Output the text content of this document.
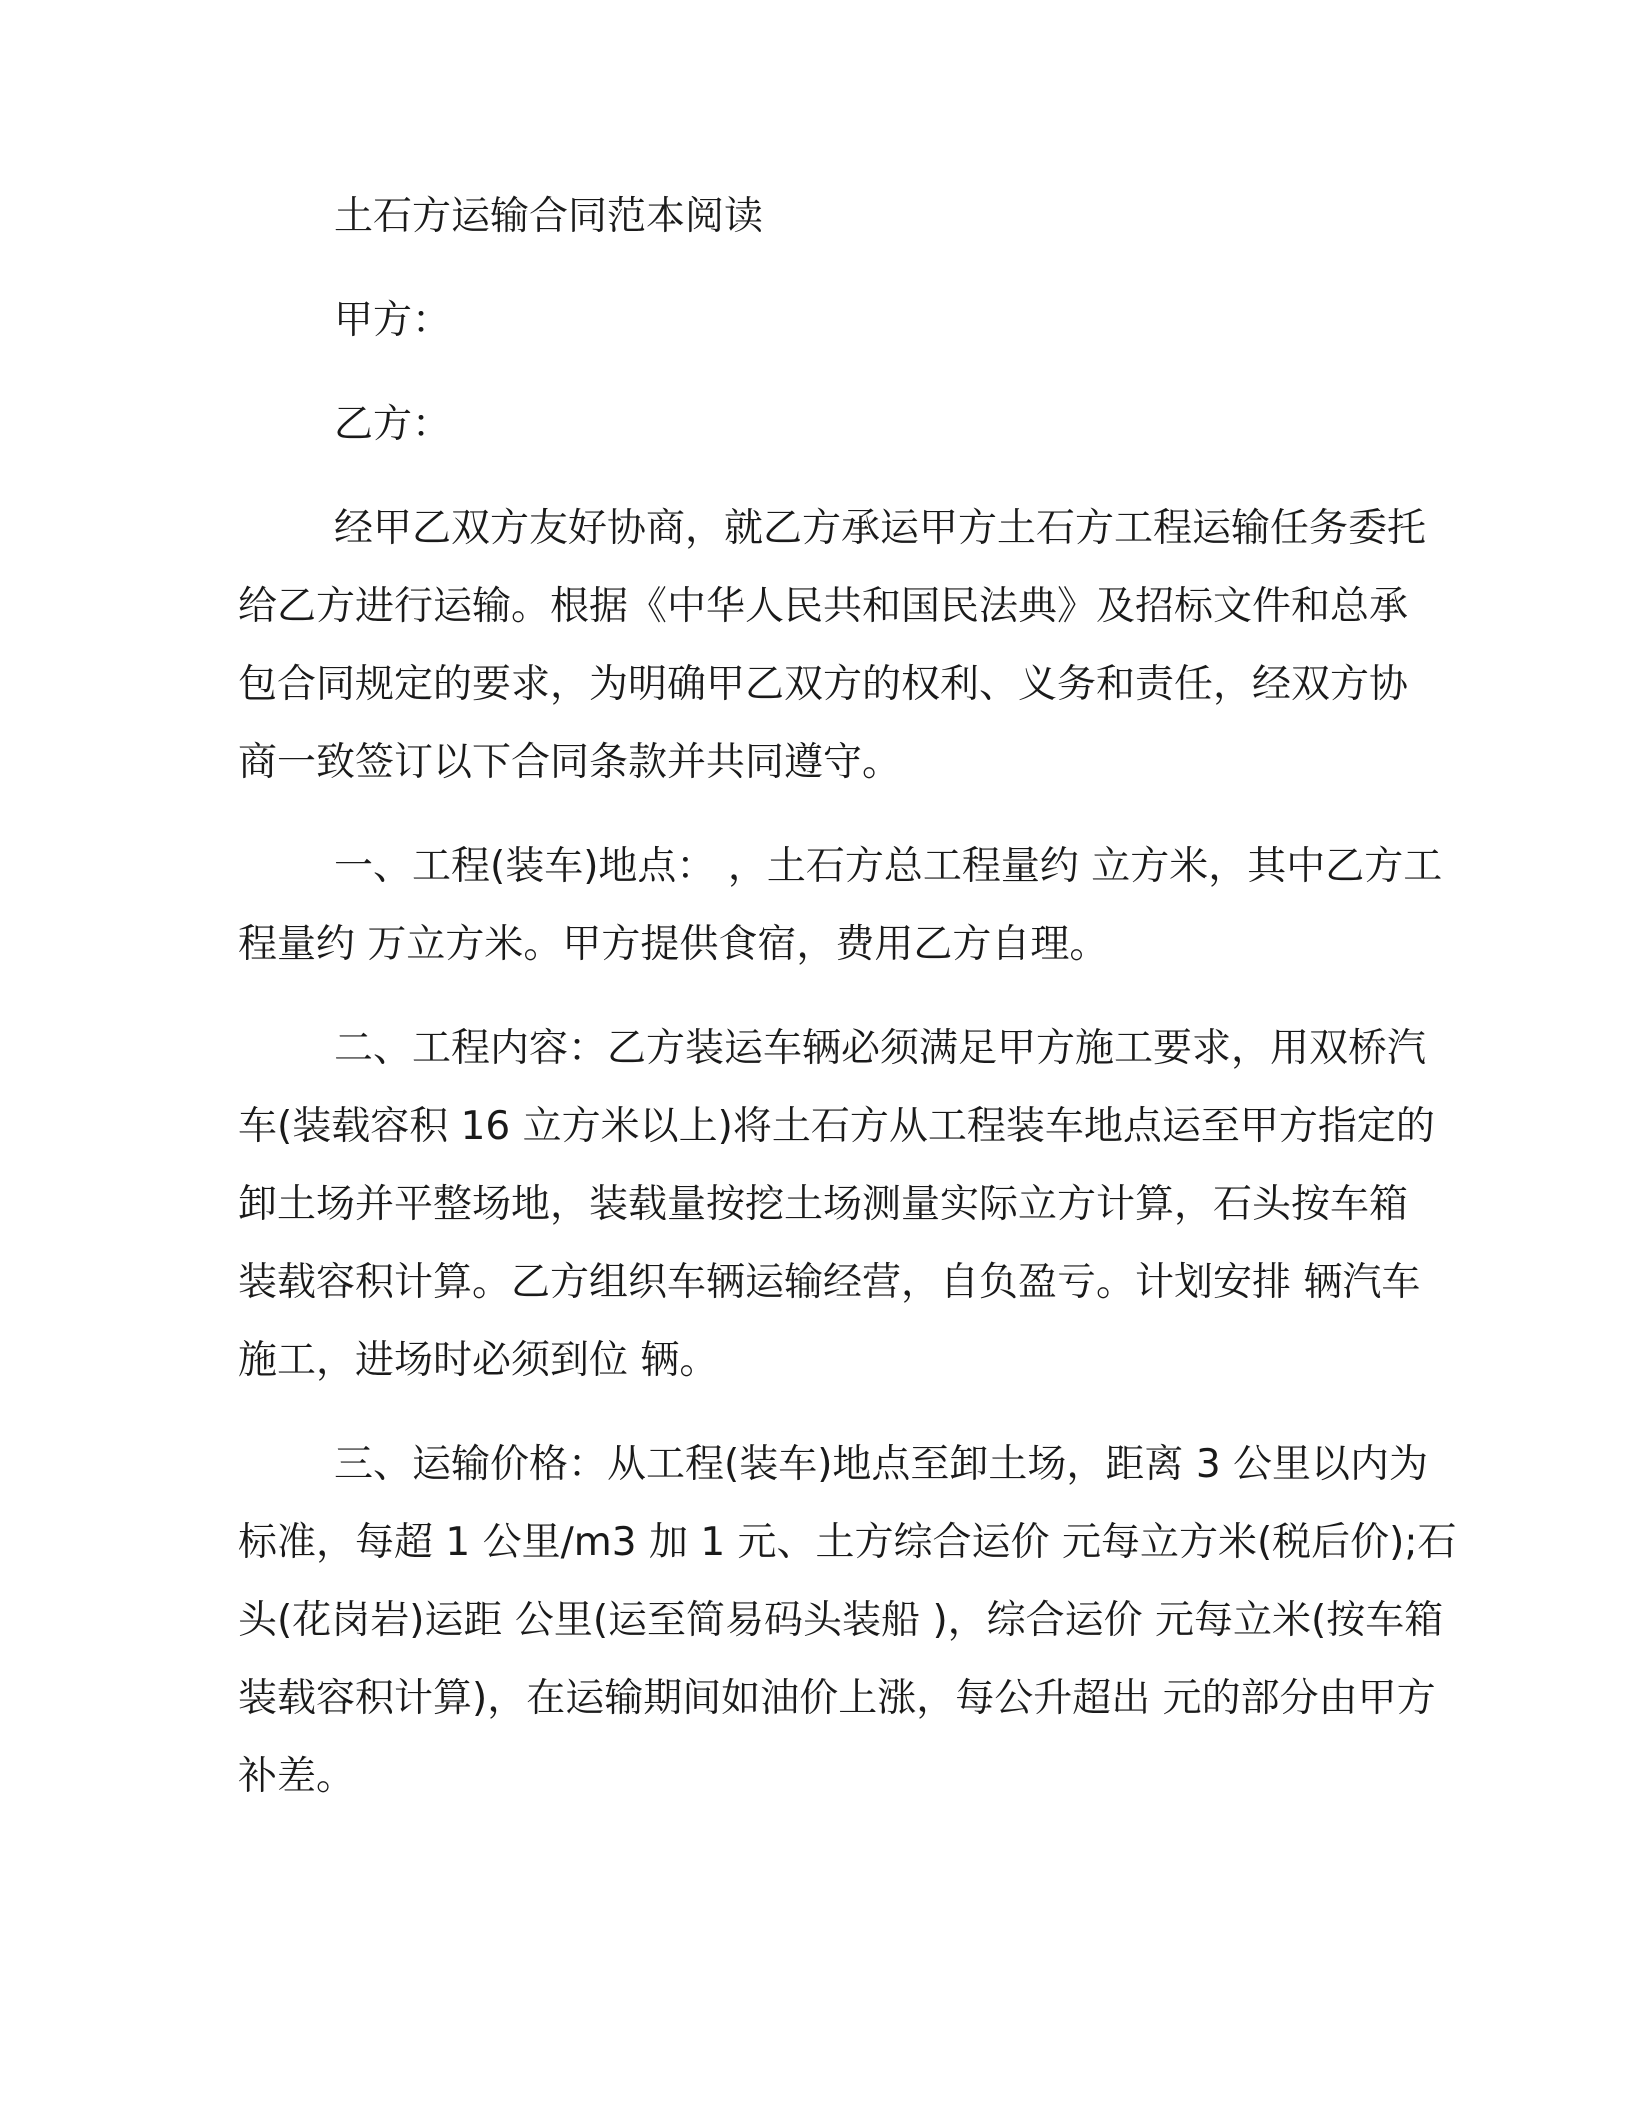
土石方运输合同范本阅读

甲方：

乙方：

经甲乙双方友好协商，就乙方承运甲方土石方工程运输任务委托

给乙方进行运输。根据《中华人民共和国民法典》及招标文件和总承

包合同规定的要求，为明确甲乙双方的权利、义务和责任，经双方协

商一致签订以下合同条款并共同遵守。

一、工程(装车)地点： ，土石方总工程量约 立方米，其中乙方工

程量约 万立方米。甲方提供食宿，费用乙方自理。

二、工程内容：乙方装运车辆必须满足甲方施工要求，用双桥汽

车(装载容积 16 立方米以上)将土石方从工程装车地点运至甲方指定的

卸土场并平整场地，装载量按挖土场测量实际立方计算，石头按车箱

装载容积计算。乙方组织车辆运输经营，自负盈亏。计划安排 辆汽车

施工，进场时必须到位 辆。

三、运输价格：从工程(装车)地点至卸土场，距离 3 公里以内为

标准，每超 1 公里/m3 加 1 元、土方综合运价 元每立方米(税后价);石

头(花岗岩)运距 公里(运至简易码头装船 )，综合运价 元每立米(按车箱

装载容积计算)，在运输期间如油价上涨，每公升超出 元的部分由甲方

补差。
